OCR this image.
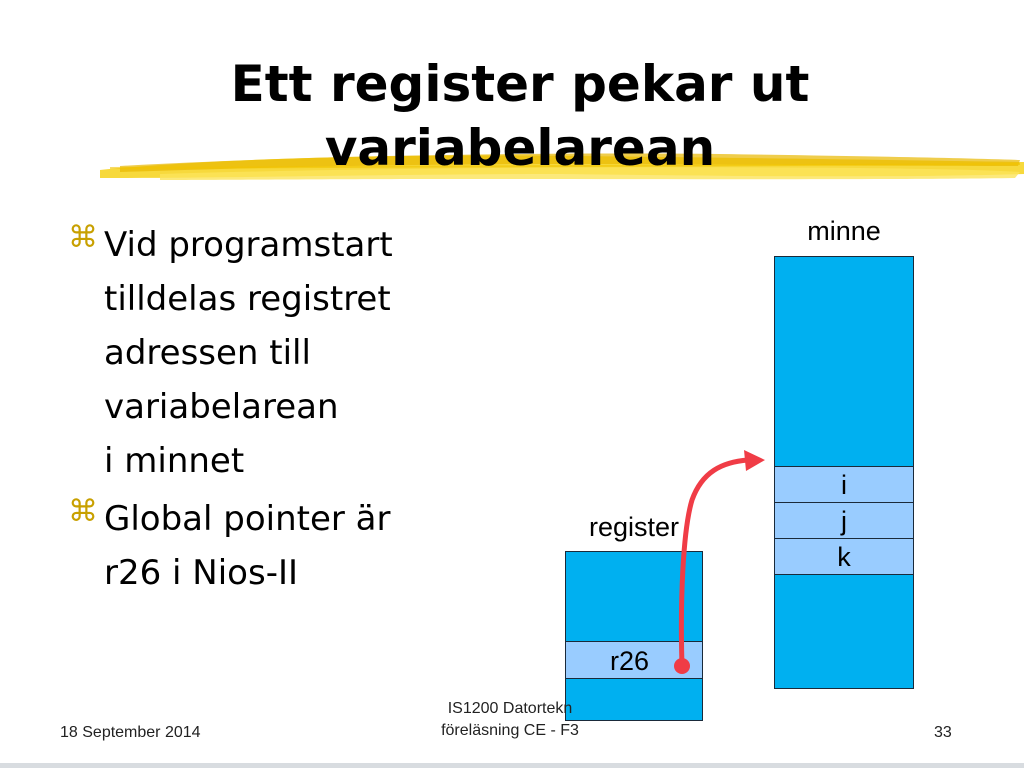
Ett register pekar ut
variabelarean
⌘ Vid programstart
tilldelas registret
adressen till
variabelarean
i minnet
⌘ Global pointer är
r26 i Nios-II
minne
i
j
k
register
r26
18 September 2014
IS1200 Datortekn
föreläsning CE - F3	33
